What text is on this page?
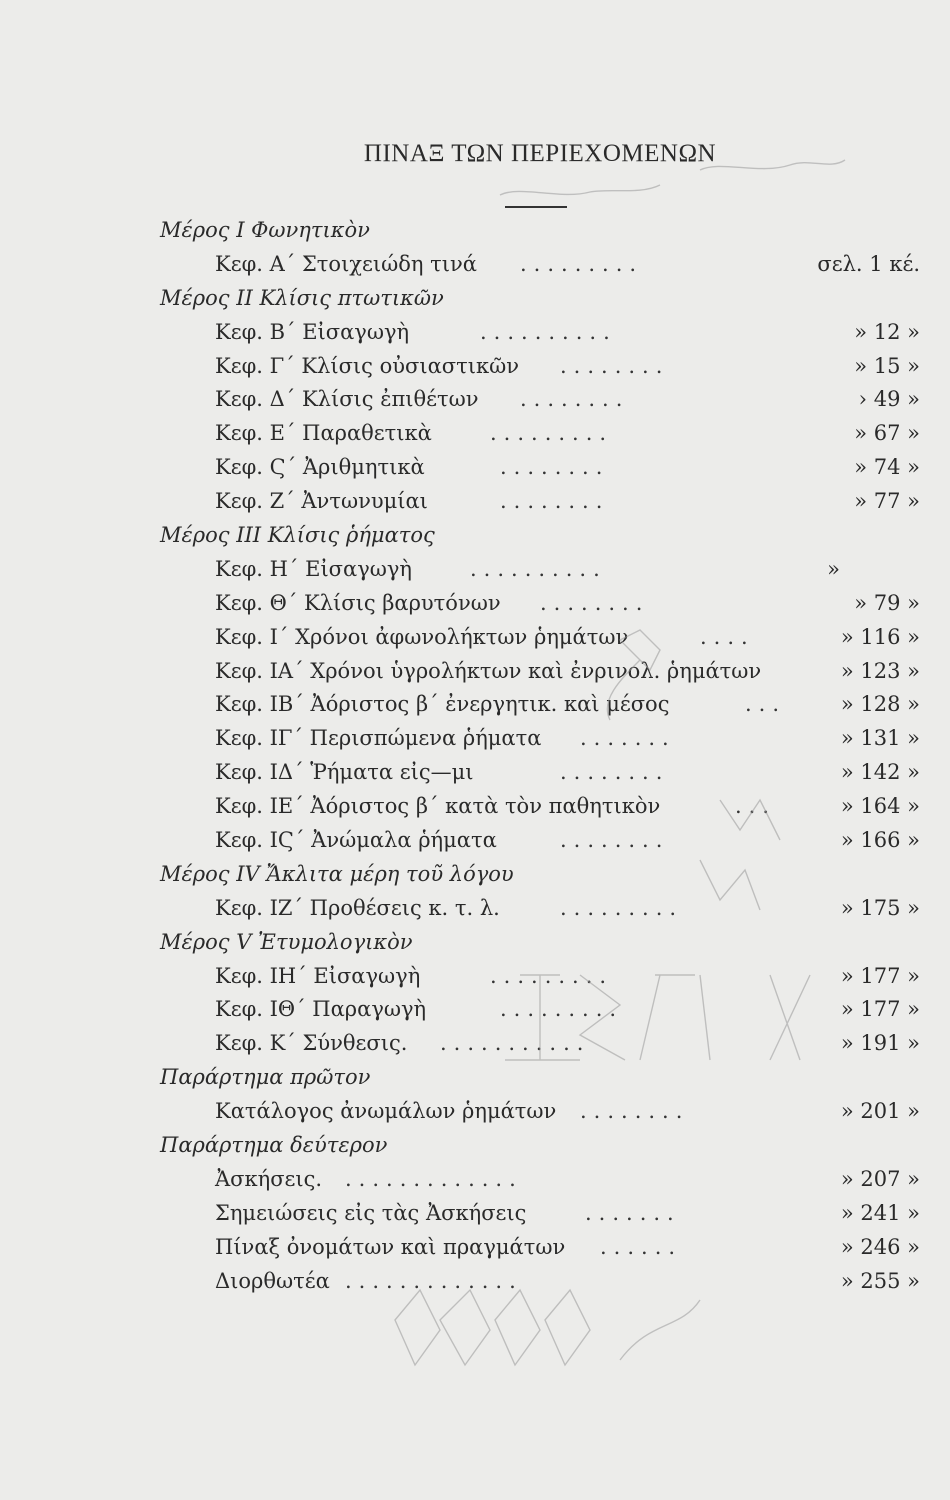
ΠΙΝΑΞ ΤΩΝ ΠΕΡΙΕΧΟΜΕΝΩΝ
Μέρος Ι Φωνητικὸν
Κεφ. Α΄ Στοιχειώδη τινά .........	σελ. 1 κέ.
Μέρος ΙΙ Κλίσις πτωτικῶν
Κεφ. Β΄ Εἰσαγωγὴ	..........	» 12 »
Κεφ. Γ΄ Κλίσις οὐσιαστικῶν ........	» 15 »
Κεφ. Δ΄ Κλίσις ἐπιθέτων ........	› 49 »
Κεφ. Ε΄ Παραθετικὰ	.........	» 67 »
Κεφ. Ϛ΄ Ἀριθμητικὰ	........	» 74 »
Κεφ. Ζ΄ Ἀντωνυμίαι	........	» 77 »
Μέρος ΙΙΙ Κλίσις ῥήματος
Κεφ. Η΄ Εἰσαγωγὴ	..........	»
Κεφ. Θ΄ Κλίσις βαρυτόνων ........	» 79 »
Κεφ. Ι΄ Χρόνοι ἀφωνολήκτων ῥημάτων	....	» 116 »
Κεφ. ΙΑ΄ Χρόνοι ὑγρολήκτων καὶ ἐνρινολ. ῥημάτων	» 123 »
Κεφ. ΙΒ΄ Ἀόριστος β΄ ἐνεργητικ. καὶ μέσος	...	» 128 »
Κεφ. ΙΓ΄ Περισπώμενα ῥήματα .......	» 131 »
Κεφ. ΙΔ΄ Ῥήματα εἰς—μι	........	» 142 »
Κεφ. ΙΕ΄ Ἀόριστος β΄ κατὰ τὸν παθητικὸν	...	» 164 »
Κεφ. ΙϚ΄ Ἀνώμαλα ῥήματα	........	» 166 »
Μέρος ΙV Ἄκλιτα μέρη τοῦ λόγου
Κεφ. ΙΖ΄ Προθέσεις κ. τ. λ.	.........	» 175 »
Μέρος V Ἐτυμολογικὸν
Κεφ. ΙΗ΄ Εἰσαγωγὴ	.........	» 177 »
Κεφ. ΙΘ΄ Παραγωγὴ	.........	» 177 »
Κεφ. Κ΄ Σύνθεσις. ...........	» 191 »
Παράρτημα πρῶτον
Κατάλογος ἀνωμάλων ῥημάτων ........	» 201 »
Παράρτημα δεύτερον
Ἀσκήσεις. .............	» 207 »
Σημειώσεις εἰς τὰς Ἀσκήσεις	.......	» 241 »
Πίναξ ὀνομάτων καὶ πραγμάτων ......	» 246 »
Διορθωτέα .............	» 255 »
